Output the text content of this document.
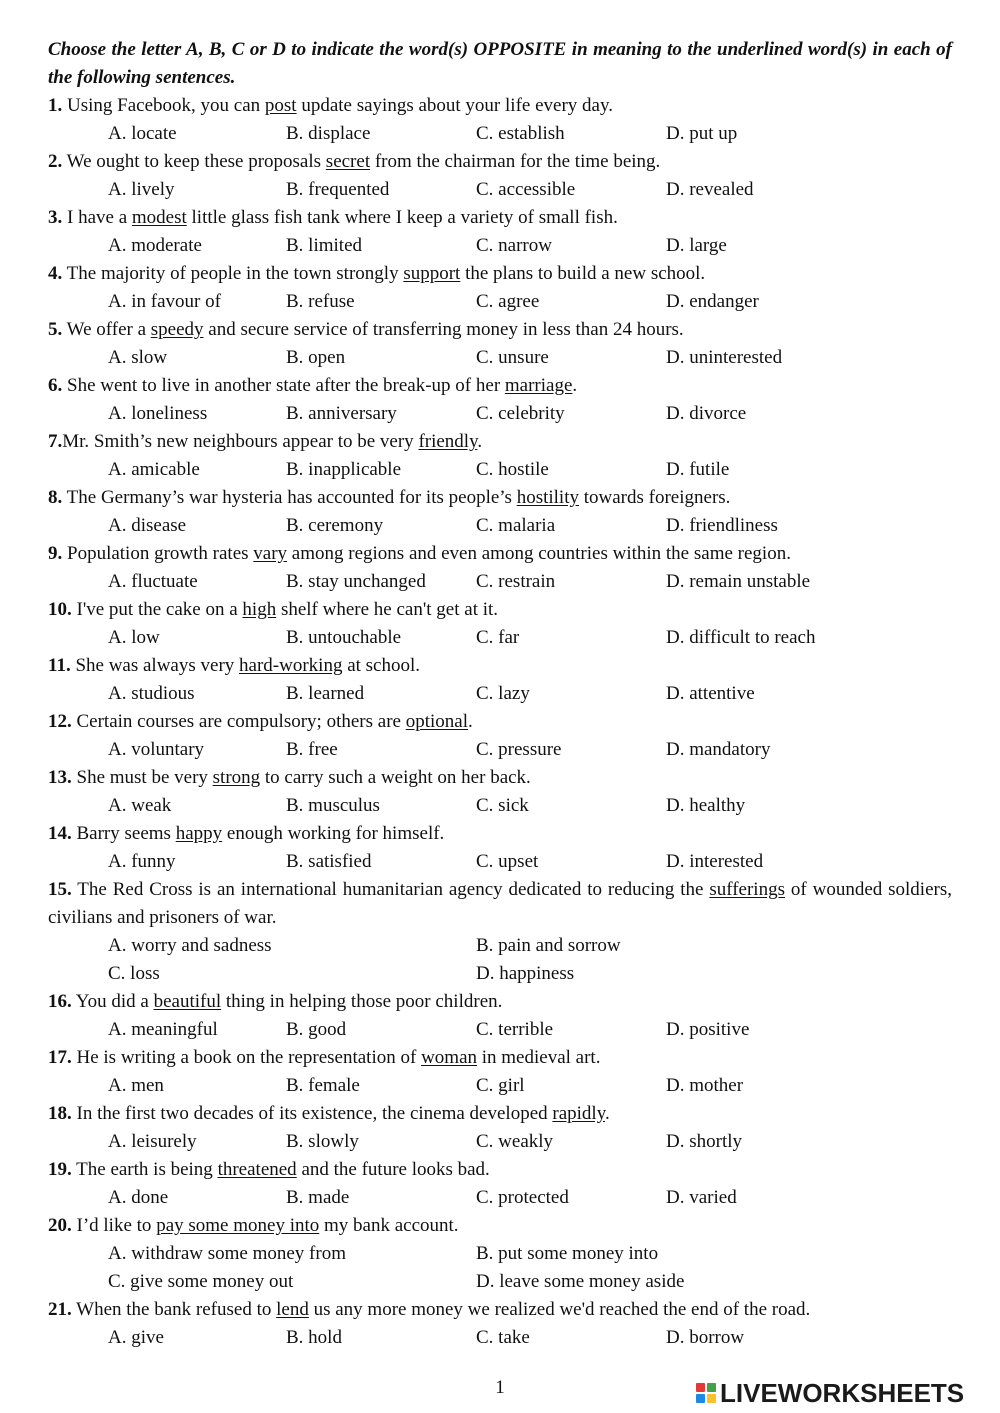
Choose the letter A, B, C or D to indicate the word(s) OPPOSITE in meaning to the underlined word(s) in each of the following sentences.
1. Using Facebook, you can post update sayings about your life every day.
A. locate	B. displace	C. establish	D. put up
2. We ought to keep these proposals secret from the chairman for the time being.
A. lively	B. frequented	C. accessible	D. revealed
3. I have a modest little glass fish tank where I keep a variety of small fish.
A. moderate	B. limited	C. narrow	D. large
4. The majority of people in the town strongly support the plans to build a new school.
A. in favour of	B. refuse	C. agree	D. endanger
5. We offer a speedy and secure service of transferring money in less than 24 hours.
A. slow	B. open	C. unsure	D. uninterested
6. She went to live in another state after the break-up of her marriage.
A. loneliness	B. anniversary	C. celebrity	D. divorce
7.Mr. Smith’s new neighbours appear to be very friendly.
A. amicable	B. inapplicable	C. hostile	D. futile
8. The Germany’s war hysteria has accounted for its people’s hostility towards foreigners.
A. disease	B. ceremony	C. malaria	D. friendliness
9. Population growth rates vary among regions and even among countries within the same region.
A. fluctuate	B. stay unchanged	C. restrain	D. remain unstable
10. I've put the cake on a high shelf where he can't get at it.
A. low	B. untouchable	C. far	D. difficult to reach
11. She was always very hard-working at school.
A. studious	B. learned	C. lazy	D. attentive
12. Certain courses are compulsory; others are optional.
A. voluntary	B. free	C. pressure	D. mandatory
13. She must be very strong to carry such a weight on her back.
A. weak	B. musculus	C. sick	D. healthy
14. Barry seems happy enough working for himself.
A. funny	B. satisfied	C. upset	D. interested
15. The Red Cross is an international humanitarian agency dedicated to reducing the sufferings of wounded soldiers, civilians and prisoners of war.
A. worry and sadness	B. pain and sorrow
C. loss	D. happiness
16. You did a beautiful thing in helping those poor children.
A. meaningful	B. good	C. terrible	D. positive
17. He is writing a book on the representation of woman in medieval art.
A. men	B. female	C. girl	D. mother
18. In the first two decades of its existence, the cinema developed rapidly.
A. leisurely	B. slowly	C. weakly	D. shortly
19. The earth is being threatened and the future looks bad.
A. done	B. made	C. protected	D. varied
20. I’d like to pay some money into my bank account.
A. withdraw some money from	B. put some money into
C. give some money out	D. leave some money aside
21. When the bank refused to lend us any more money we realized we'd reached the end of the road.
A. give	B. hold	C. take	D. borrow
1	LIVEWORKSHEETS
